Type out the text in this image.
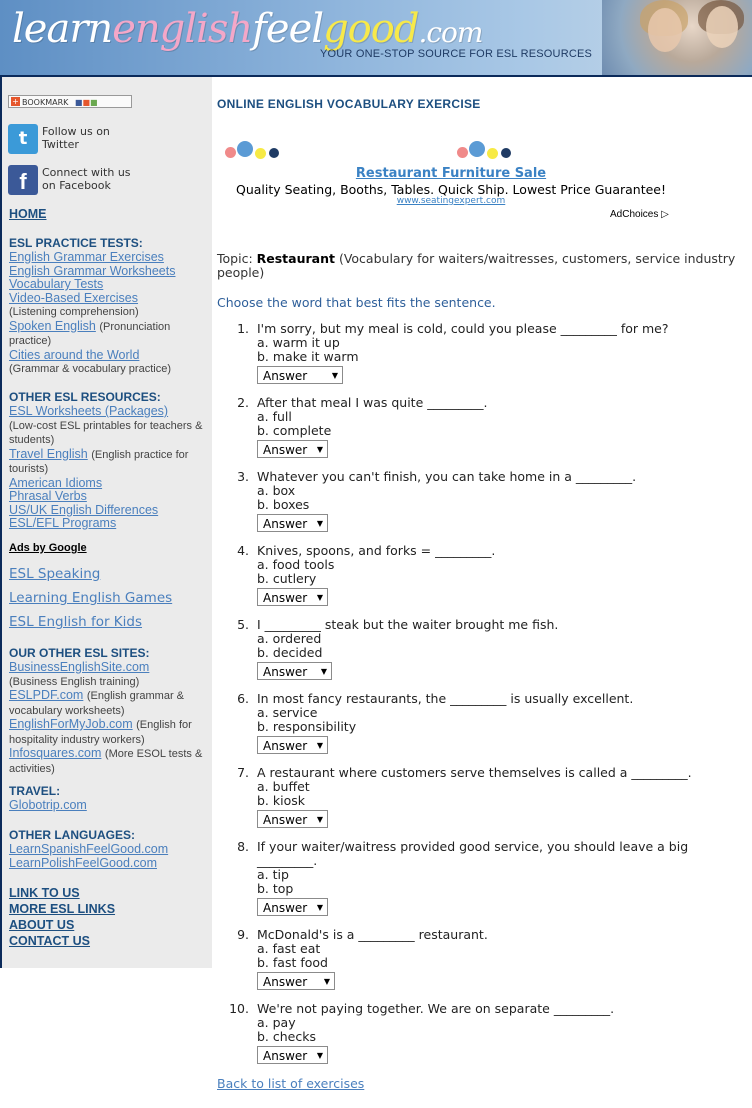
learnenglishfeelgood.com
YOUR ONE-STOP SOURCE FOR ESL RESOURCES
+ BOOKMARK ■■■
t	Follow us on
Twitter
f	Connect with us
on Facebook
HOME
ESL PRACTICE TESTS:
English Grammar Exercises
English Grammar Worksheets
Vocabulary Tests
Video-Based Exercises
(Listening comprehension)
Spoken English (Pronunciation practice)
Cities around the World
(Grammar & vocabulary practice)
OTHER ESL RESOURCES:
ESL Worksheets (Packages)
(Low-cost ESL printables for teachers & students)
Travel English (English practice for tourists)
American Idioms
Phrasal Verbs
US/UK English Differences
ESL/EFL Programs
Ads by Google
ESL Speaking
Learning English Games
ESL English for Kids
OUR OTHER ESL SITES:
BusinessEnglishSite.com
(Business English training)
ESLPDF.com (English grammar & vocabulary worksheets)
EnglishForMyJob.com (English for hospitality industry workers)
Infosquares.com (More ESOL tests & activities)
TRAVEL:
Globotrip.com
OTHER LANGUAGES:
LearnSpanishFeelGood.com
LearnPolishFeelGood.com
LINK TO US
MORE ESL LINKS
ABOUT US
CONTACT US
ONLINE ENGLISH VOCABULARY EXERCISE
Restaurant Furniture Sale
Quality Seating, Booths, Tables. Quick Ship. Lowest Price Guarantee!
www.seatingexpert.com
AdChoices ▷
Topic: Restaurant (Vocabulary for waiters/waitresses, customers, service industry people)
Choose the word that best fits the sentence.
1. I'm sorry, but my meal is cold, could you please _________ for me?
a. warm it up
b. make it warm
Answer	▼
2. After that meal I was quite _________.
a. full
b. complete
Answer ▼
3. Whatever you can't finish, you can take home in a _________.
a. box
b. boxes
Answer ▼
4. Knives, spoons, and forks = _________.
a. food tools
b. cutlery
Answer ▼
5. I _________ steak but the waiter brought me fish.
a. ordered
b. decided
Answer ▼
6. In most fancy restaurants, the _________ is usually excellent.
a. service
b. responsibility
Answer ▼
7. A restaurant where customers serve themselves is called a _________.
a. buffet
b. kiosk
Answer ▼
8. If your waiter/waitress provided good service, you should leave a big _________.
a. tip
b. top
Answer ▼
9. McDonald's is a _________ restaurant.
a. fast eat
b. fast food
Answer ▼
10. We're not paying together. We are on separate _________.
a. pay
b. checks
Answer ▼
Back to list of exercises
